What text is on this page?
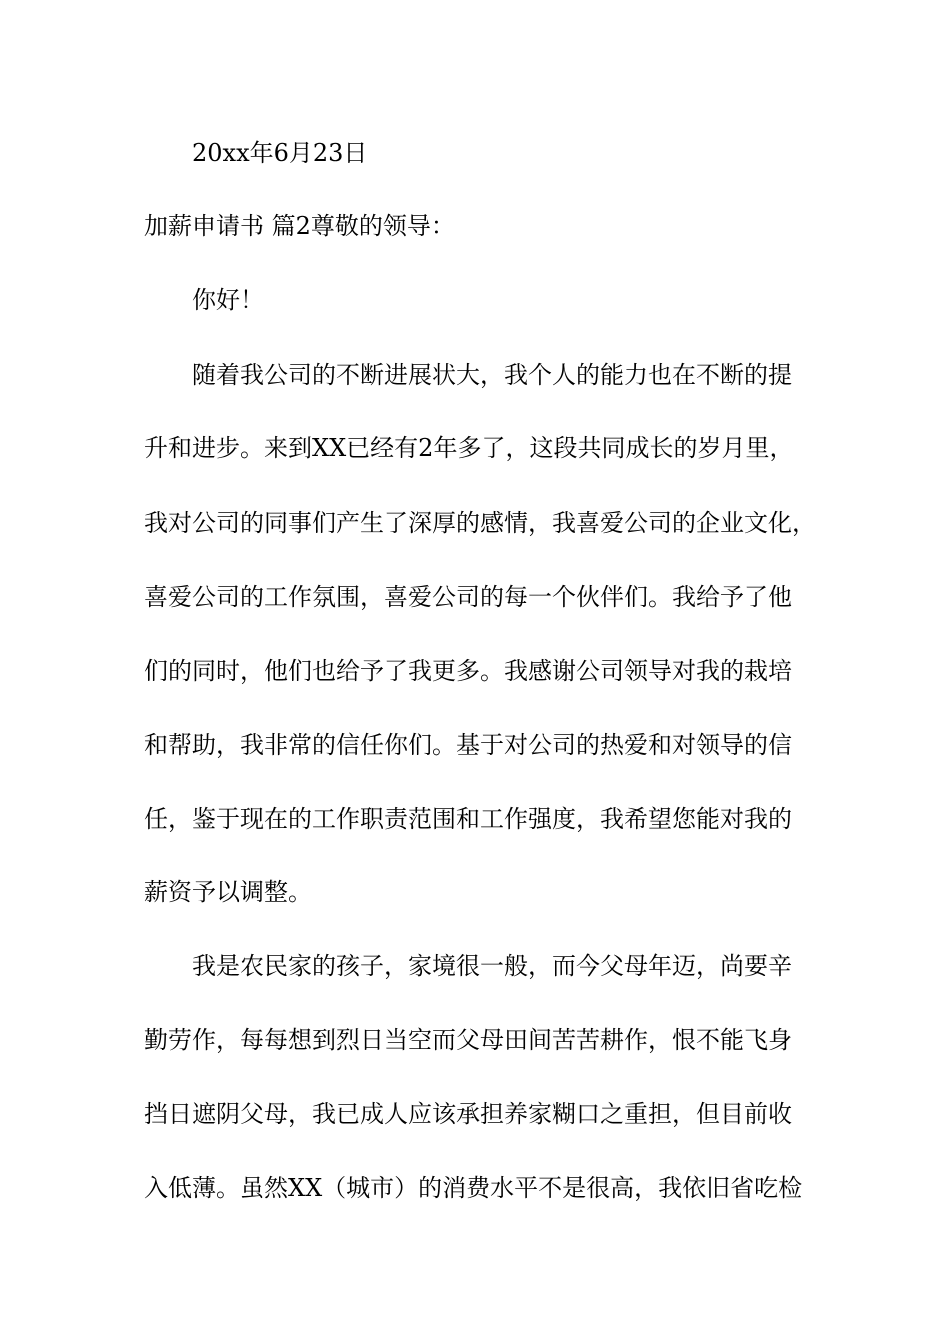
20xx年6月23日

加薪申请书 篇2尊敬的领导：

你好！

随着我公司的不断进展状大，我个人的能力也在不断的提

升和进步。来到XX已经有2年多了，这段共同成长的岁月里，

我对公司的同事们产生了深厚的感情，我喜爱公司的企业文化，

喜爱公司的工作氛围，喜爱公司的每一个伙伴们。我给予了他

们的同时，他们也给予了我更多。我感谢公司领导对我的栽培

和帮助，我非常的信任你们。基于对公司的热爱和对领导的信

任，鉴于现在的工作职责范围和工作强度，我希望您能对我的

薪资予以调整。

我是农民家的孩子，家境很一般，而今父母年迈，尚要辛

勤劳作，每每想到烈日当空而父母田间苦苦耕作，恨不能飞身

挡日遮阴父母，我已成人应该承担养家糊口之重担，但目前收

入低薄。虽然XX（城市）的消费水平不是很高，我依旧省吃检
